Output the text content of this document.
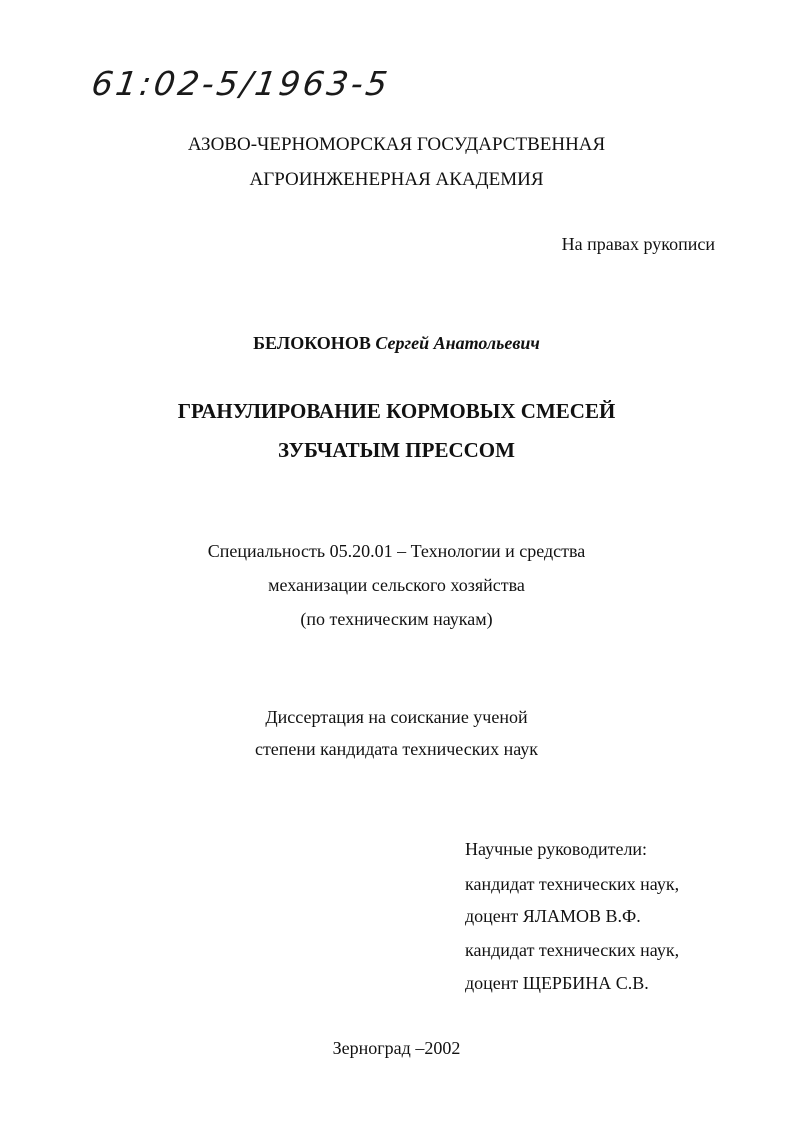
61:02-5/1963-5

АЗОВО-ЧЕРНОМОРСКАЯ ГОСУДАРСТВЕННАЯ

АГРОИНЖЕНЕРНАЯ АКАДЕМИЯ

На правах рукописи

БЕЛОКОНОВ Сергей Анатольевич

ГРАНУЛИРОВАНИЕ КОРМОВЫХ СМЕСЕЙ

ЗУБЧАТЫМ ПРЕССОМ

Специальность 05.20.01 – Технологии и средства

механизации сельского хозяйства

(по техническим наукам)

Диссертация на соискание ученой

степени кандидата технических наук

Научные руководители:

кандидат технических наук,

доцент ЯЛАМОВ В.Ф.

кандидат технических наук,

доцент ЩЕРБИНА С.В.

Зерноград –2002
